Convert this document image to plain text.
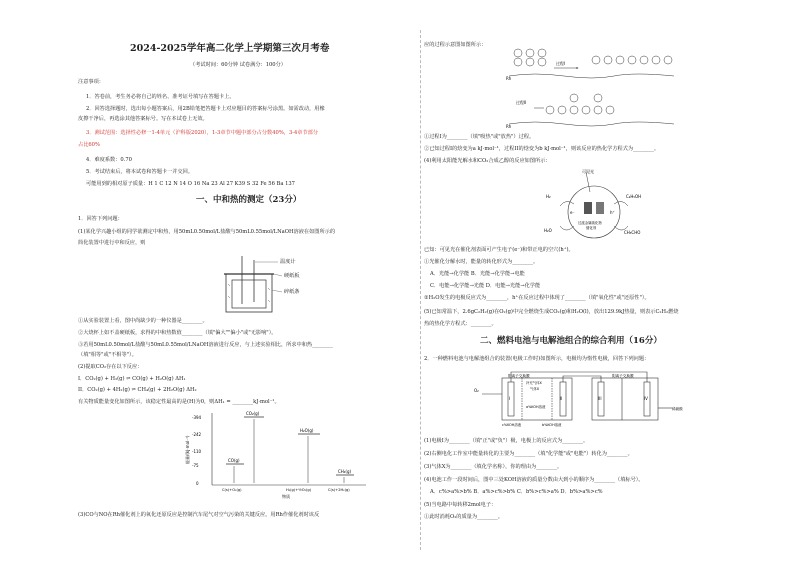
2024-2025学年高二化学上学期第三次月考卷
（考试时间：60分钟 试卷满分：100分）
注意事项：
1．答卷前，考生务必将自己的姓名、准考证号填写在答题卡上。
2．回答选择题时，选出每小题答案后，用2B铅笔把答题卡上对应题目的答案标号涂黑。如需改动，用橡
皮擦干净后，再选涂其他答案标号。写在本试卷上无效。
3．测试范围：选择性必修一1-4单元（沪科版2020），1-3章节中题中部分占分数40%，3-4章节部分
占比60%
4．难度系数：0.70
5．考试结束后，将本试卷和答题卡一并交回。
可能用到的相对原子质量：H 1 C 12 N 14 O 16 Na 23 Al 27 K39 S 32 Fe 56 Ba 137
一、中和热的测定（23分）
1．回答下列问题：
(1)某化学兴趣小组的同学欲测定中和热，用50mL0.50mol/L盐酸与50mL0.55mol/LNaOH溶液在如图所示的
简化装置中进行中和反应，则
温度计
硬纸板
碎纸条
①从实验装置上看，图中尚缺少的一种仪器是________。
②大烧杯上如不盖硬纸板，求得的中和热数值________（填"偏大""偏小"或"无影响"）。
③若用50mL0.50mol/L盐酸与50mL0.55mol/LNaOH溶液进行反应，与上述实验相比，所求中和热________
（填"相等"或"不相等"）。
(2)提取CO₂存在以下反应：
I．CO₂(g) + H₂(g) ⇌ CO(g) + H₂O(g) ΔH₁
II．CO₂(g) + 4H₂(g) ⇌ CH₄(g) + 2H₂O(g) ΔH₂
有关物质能量变化如图所示，该稳定性最高的是(H)为0，则ΔH₁ = ________kJ·mol⁻¹。
能量/(kJ·mol⁻¹)
-394
-242
-110
-75
0
CO₂(g)
H₂O(g)
CO(g)
CH₄(g)
C(s)+O₂(g)	H₂(g)+½O₂(g)	C(s)+2H₂(g)
物质
(3)CO与NO在Rh催化剂上的氧化还原反应是控制汽车尾气对空气污染的关键反应。用Rh作催化剂时该反
应的过程示意图如图所示：
Rh
Rh
过程I
过程II
①过程I为________（填"吸热"或"放热"）过程。
②已知过程I的焓变为a kJ·mol⁻¹，过程II的焓变为b kJ·mol⁻¹，则该反应的热化学方程式为________。
(4)利用太阳能光解水和CO₂合成乙醇的反应如图所示：
可见光
H₂
H₂O
C₂H₅OH
CH₃CHO
e⁻	h⁺
过渡金属硫化物
催化剂
已知：可见光在催化剂表面可产生电子(e⁻)和带正电的空穴(h⁺)。
①光催化分解水时，能量的转化形式为________。
A．光能→化学能 B．光能→化学能→电能
C．电能→化学能→光能 D．电能→光能→化学能
②H₂O发生的电极反应式为________，h⁺在反应过程中体现了________（填"氧化性"或"还原性"）。
(5)已知常温下，2.6gC₂H₂(g)在O₂(g)中完全燃烧生成CO₂(g)和H₂O(l)，放出129.9kJ热量，则表示C₂H₂燃烧
热的热化学方程式：________。
二、燃料电池与电解池组合的综合利用（16分）
2．一种燃料电池与电解池组合的装置(电极工作时)如图所示，电极均为惰性电极，回答下列问题：
阳离子交换膜	阴离子交换膜
O₂
I	II	III	IV
补充气体X
气体X
c%KOH溶液
a%KOH溶液
b%KOH溶液
稀硫酸
(1)电极I为________（填"正"或"负"）极，电极上的反应式为________。
(2)右侧电化工作室中能量转化的主要为________（填"化学能"或"电能"）转化为________。
(3)气体X为________（填化学名称），你的理由为________。
(4)电池工作一段时间后，图中三处KOH溶液的质量分数由大到小的顺序为________（填标号）。
A．c%>a%>b% B．a%>c%>b% C．b%>c%>a% D．b%>a%>c%
(5)当电路中每转移2mol电子：
①此时消耗O₂的质量为________。
